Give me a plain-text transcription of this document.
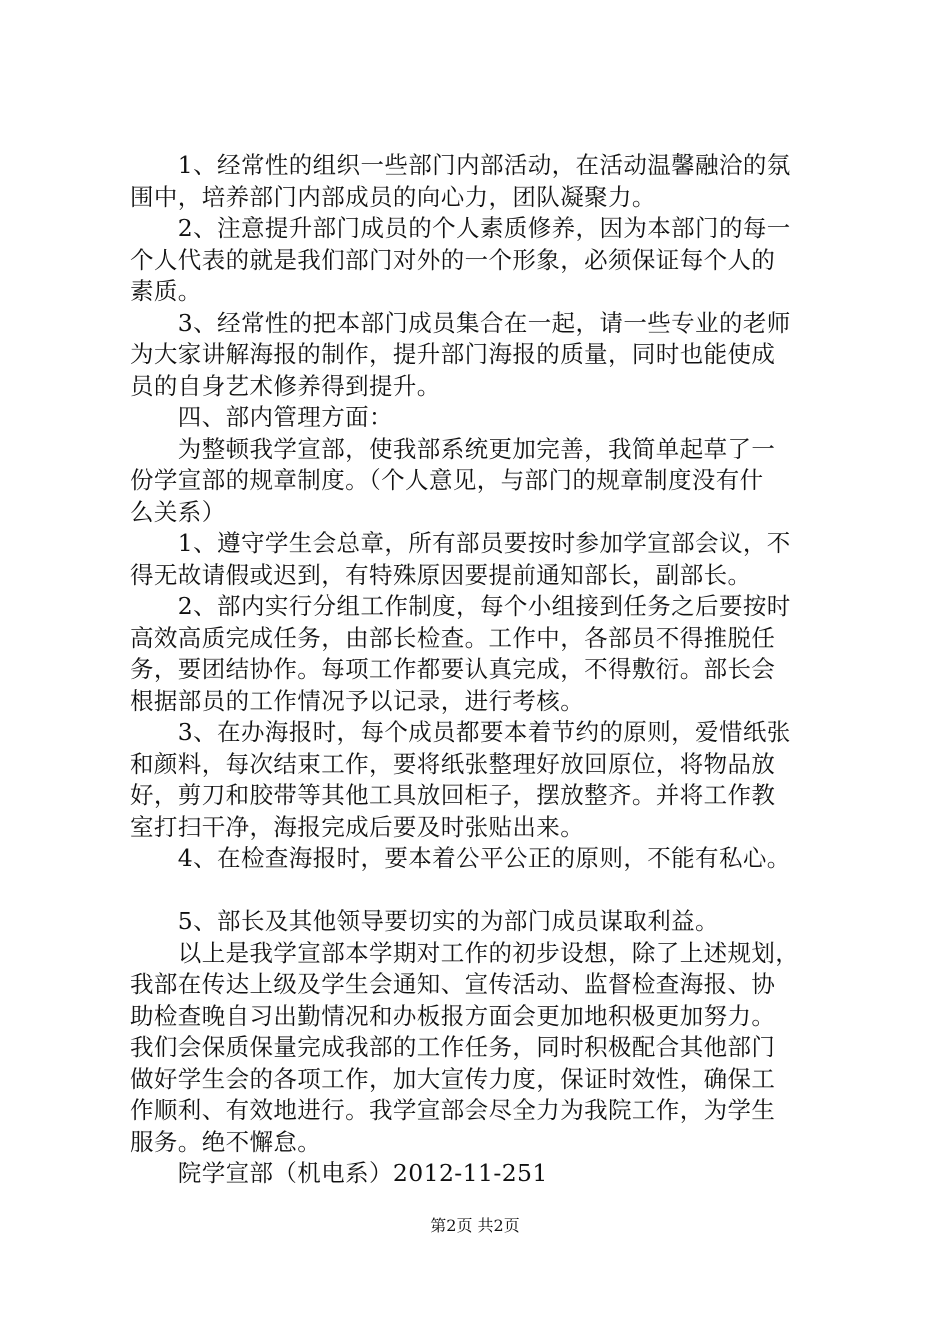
　　1、经常性的组织一些部门内部活动，在活动温馨融洽的氛
围中，培养部门内部成员的向心力，团队凝聚力。
　　2、注意提升部门成员的个人素质修养，因为本部门的每一
个人代表的就是我们部门对外的一个形象，必须保证每个人的
素质。
　　3、经常性的把本部门成员集合在一起，请一些专业的老师
为大家讲解海报的制作，提升部门海报的质量，同时也能使成
员的自身艺术修养得到提升。
　　四、部内管理方面：
　　为整顿我学宣部，使我部系统更加完善，我简单起草了一
份学宣部的规章制度。（个人意见，与部门的规章制度没有什
么关系）
　　1、遵守学生会总章，所有部员要按时参加学宣部会议，不
得无故请假或迟到，有特殊原因要提前通知部长，副部长。
　　2、部内实行分组工作制度，每个小组接到任务之后要按时
高效高质完成任务，由部长检查。工作中，各部员不得推脱任
务，要团结协作。每项工作都要认真完成，不得敷衍。部长会
根据部员的工作情况予以记录，进行考核。
　　3、在办海报时，每个成员都要本着节约的原则，爱惜纸张
和颜料，每次结束工作，要将纸张整理好放回原位，将物品放
好，剪刀和胶带等其他工具放回柜子，摆放整齐。并将工作教
室打扫干净，海报完成后要及时张贴出来。
　　4、在检查海报时，要本着公平公正的原则，不能有私心。
　　5、部长及其他领导要切实的为部门成员谋取利益。
　　以上是我学宣部本学期对工作的初步设想，除了上述规划，
我部在传达上级及学生会通知、宣传活动、监督检查海报、协
助检查晚自习出勤情况和办板报方面会更加地积极更加努力。
我们会保质保量完成我部的工作任务，同时积极配合其他部门
做好学生会的各项工作，加大宣传力度，保证时效性，确保工
作顺利、有效地进行。我学宣部会尽全力为我院工作，为学生
服务。绝不懈怠。
　　院学宣部（机电系）2012-11-251
第2页 共2页
